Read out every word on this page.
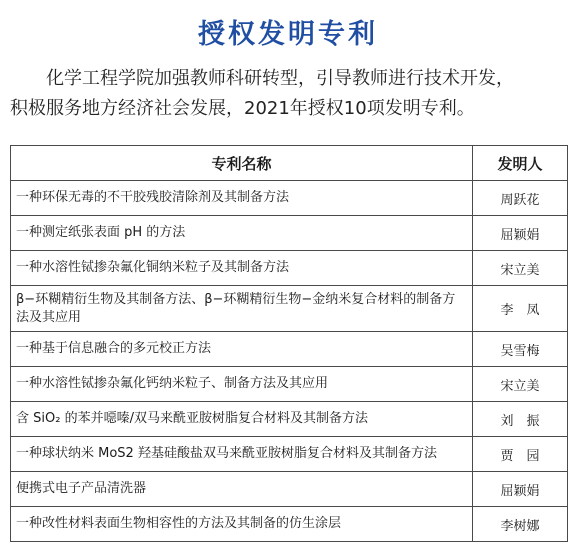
授权发明专利
化学工程学院加强教师科研转型，引导教师进行技术开发，
积极服务地方经济社会发展，2021年授权10项发明专利。
专利名称	发明人
一种环保无毒的不干胶残胶清除剂及其制备方法	周跃花
一种测定纸张表面 pH 的方法	屈颖娟
一种水溶性铽掺杂氟化铜纳米粒子及其制备方法	宋立美
β−环糊精衍生物及其制备方法、β−环糊精衍生物−金纳米复合材料的制备方法及其应用	李　凤
一种基于信息融合的多元校正方法	吴雪梅
一种水溶性铽掺杂氟化钙纳米粒子、制备方法及其应用	宋立美
含 SiO₂ 的苯并噁嗪/双马来酰亚胺树脂复合材料及其制备方法	刘　振
一种球状纳米 MoS2 羟基硅酸盐双马来酰亚胺树脂复合材料及其制备方法	贾　园
便携式电子产品清洗器	屈颖娟
一种改性材料表面生物相容性的方法及其制备的仿生涂层	李树娜
